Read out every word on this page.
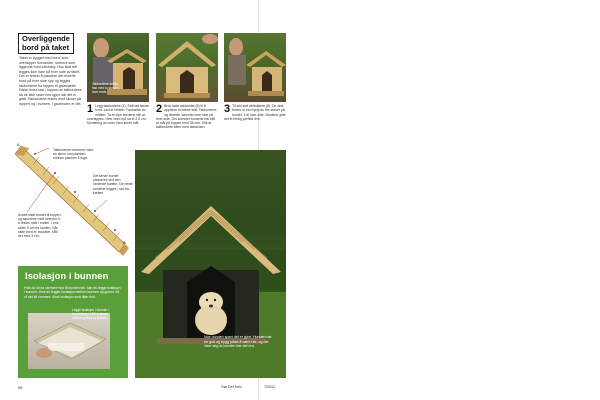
Overliggende bord på taket
Taket er bygget med bord, som overlapper hverandre, omtrent som liggende bord-kledning. Hus skal det legges ikke bare på hver side av taket. Der er lettest å plassere det enkelte bord på hver side opp og legges takbordene fra toppen til gavlmønet. Disse limes fast i toppen av takbordene, så de ikke raser ned igjen når det er glatt. Takbordene festes med skruer på toppen og i bunnen. I gavlenden er det.
Takbordene settes fast med to skruer i hver ende.
1 Legg takbordene (1). Sett det første bord. Lad et midten. Fastnelse av midten. Ta en tipe bordene slik at overlappes. Hver bord må ha et 2,5 cm. Montering av noen med sterkt mål.
2 Bruk faste takbordet (8) til å oppheve bordene sett. Takbordene og deretter sammen ene side på hver side. Det kommer bordene har fått et mål på toppen med 35 mm. Slik at takbordene sitter med takskruen.
3 Til sist sett vindskiene (8). De skal festes ut ved hjelp av fire skruer på bordet, 4 til hver side. Bordene gitte det et ferdig perfekt lere.
A
B
Takbordene monteres med en skrue mot planken, mellom planken 1 fuge.
Det første bordet plasseres ved den nederste kanten. De neste bordene legges i rad fra kanten.
Avsett siste bordet til toppen og saumene midt innenfor 0-6 festes midt i enden. I ene siden 5 cm fra kanten. Når siste bord er avsluttet. Mål det med 3 cm.
Noe hunden spørt det er gjort. Hunden har en god og trygg plass å være ute, og det viser seg at hunden har det bra.
Isolasjon i bunnen
Hvis du vil ha varmere hus til hunden din, kan du legge isolasjon i bunnen. Hvis du legger isolasjon mellom bunnen og gulvet, så vil det bli varmere. Bruk isolasjon som tåler fukt.
Legge isolasjon i bunnen i hundehuset. Mål avstand mellom gulvet og kanten.
98	Gør Det Selv	7/2012
